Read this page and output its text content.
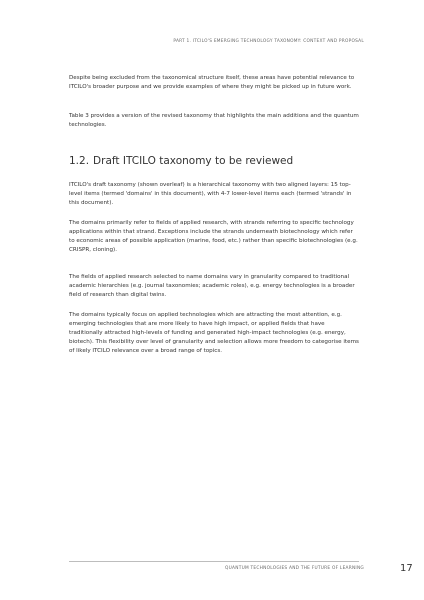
PART 1. ITCILO'S EMERGING TECHNOLOGY TAXONOMY: CONTEXT AND PROPOSAL

Despite being excluded from the taxonomical structure itself, these areas have potential relevance to ITCILO's broader purpose and we provide examples of where they might be picked up in future work.

Table 3 provides a version of the revised taxonomy that highlights the main additions and the quantum technologies.

1.2. Draft ITCILO taxonomy to be reviewed

ITCILO's draft taxonomy (shown overleaf) is a hierarchical taxonomy with two aligned layers: 15 top-level items (termed 'domains' in this document), with 4-7 lower-level items each (termed 'strands' in this document).

The domains primarily refer to fields of applied research, with strands referring to specific technology applications within that strand. Exceptions include the strands underneath biotechnology which refer to economic areas of possible application (marine, food, etc.) rather than specific biotechnologies (e.g. CRISPR, cloning).

The fields of applied research selected to name domains vary in granularity compared to traditional academic hierarchies (e.g. journal taxonomies; academic roles), e.g. energy technologies is a broader field of research than digital twins.

The domains typically focus on applied technologies which are attracting the most attention, e.g. emerging technologies that are more likely to have high impact, or applied fields that have traditionally attracted high-levels of funding and generated high-impact technologies (e.g. energy, biotech). This flexibility over level of granularity and selection allows more freedom to categorise items of likely ITCILO relevance over a broad range of topics.

QUANTUM TECHNOLOGIES AND THE FUTURE OF LEARNING	17
